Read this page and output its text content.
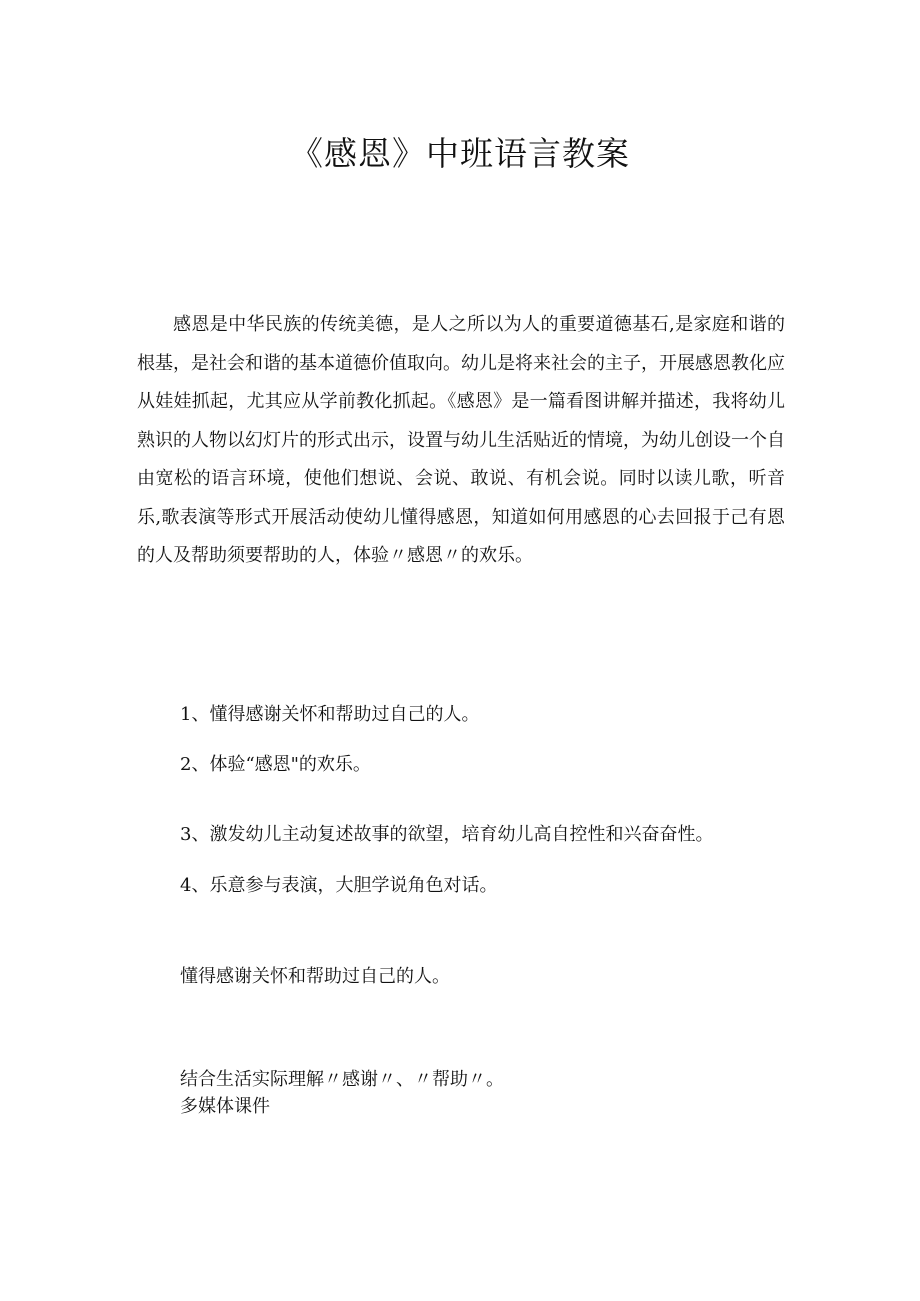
《感恩》中班语言教案

感恩是中华民族的传统美德，是人之所以为人的重要道德基石,是家庭和谐的根基，是社会和谐的基本道德价值取向。幼儿是将来社会的主子，开展感恩教化应从娃娃抓起，尤其应从学前教化抓起。《感恩》是一篇看图讲解并描述，我将幼儿熟识的人物以幻灯片的形式出示，设置与幼儿生活贴近的情境，为幼儿创设一个自由宽松的语言环境，使他们想说、会说、敢说、有机会说。同时以读儿歌，听音乐,歌表演等形式开展活动使幼儿懂得感恩，知道如何用感恩的心去回报于己有恩的人及帮助须要帮助的人，体验〃感恩〃的欢乐。

1、懂得感谢关怀和帮助过自己的人。

2、体验“感恩"的欢乐。

3、激发幼儿主动复述故事的欲望，培育幼儿高自控性和兴奋奋性。

4、乐意参与表演，大胆学说角色对话。

懂得感谢关怀和帮助过自己的人。

结合生活实际理解〃感谢〃、〃帮助〃。

多媒体课件
